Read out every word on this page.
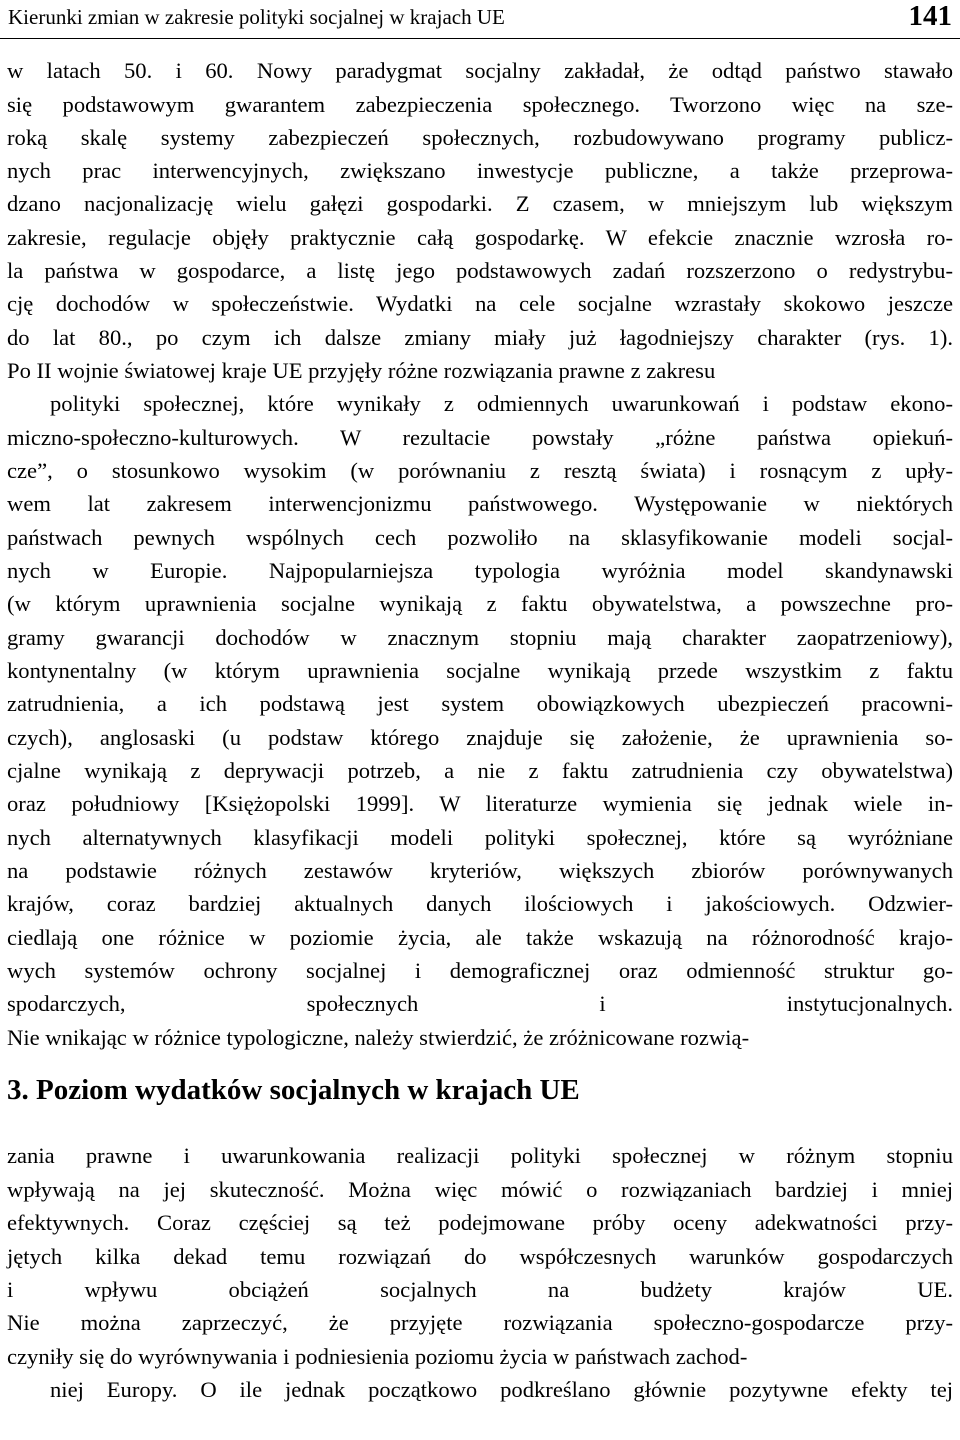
Kierunki zmian w zakresie polityki socjalnej w krajach UE	141
w latach 50. i 60. Nowy paradygmat socjalny zakładał, że odtąd państwo stawało
się podstawowym gwarantem zabezpieczenia społecznego. Tworzono więc na sze-
roką skalę systemy zabezpieczeń społecznych, rozbudowywano programy publicz-
nych prac interwencyjnych, zwiększano inwestycje publiczne, a także przeprowa-
dzano nacjonalizację wielu gałęzi gospodarki. Z czasem, w mniejszym lub większym
zakresie, regulacje objęły praktycznie całą gospodarkę. W efekcie znacznie wzrosła ro-
la państwa w gospodarce, a listę jego podstawowych zadań rozszerzono o redystrybu-
cję dochodów w społeczeństwie. Wydatki na cele socjalne wzrastały skokowo jeszcze
do lat 80., po czym ich dalsze zmiany miały już łagodniejszy charakter (rys. 1).
Po II wojnie światowej kraje UE przyjęły różne rozwiązania prawne z zakresu
polityki społecznej, które wynikały z odmiennych uwarunkowań i podstaw ekono-
miczno-społeczno-kulturowych. W rezultacie powstały „różne państwa opiekuń-
cze”, o stosunkowo wysokim (w porównaniu z resztą świata) i rosnącym z upły-
wem lat zakresem interwencjonizmu państwowego. Występowanie w niektórych
państwach pewnych wspólnych cech pozwoliło na sklasyfikowanie modeli socjal-
nych w Europie. Najpopularniejsza typologia wyróżnia model skandynawski
(w którym uprawnienia socjalne wynikają z faktu obywatelstwa, a powszechne pro-
gramy gwarancji dochodów w znacznym stopniu mają charakter zaopatrzeniowy),
kontynentalny (w którym uprawnienia socjalne wynikają przede wszystkim z faktu
zatrudnienia, a ich podstawą jest system obowiązkowych ubezpieczeń pracowni-
czych), anglosaski (u podstaw którego znajduje się założenie, że uprawnienia so-
cjalne wynikają z deprywacji potrzeb, a nie z faktu zatrudnienia czy obywatelstwa)
oraz południowy [Księżopolski 1999]. W literaturze wymienia się jednak wiele in-
nych alternatywnych klasyfikacji modeli polityki społecznej, które są wyróżniane
na podstawie różnych zestawów kryteriów, większych zbiorów porównywanych
krajów, coraz bardziej aktualnych danych ilościowych i jakościowych. Odzwier-
ciedlają one różnice w poziomie życia, ale także wskazują na różnorodność krajo-
wych systemów ochrony socjalnej i demograficznej oraz odmienność struktur go-
spodarczych, społecznych i instytucjonalnych.
Nie wnikając w różnice typologiczne, należy stwierdzić, że zróżnicowane rozwią-
3. Poziom wydatków socjalnych w krajach UE
zania prawne i uwarunkowania realizacji polityki społecznej w różnym stopniu
wpływają na jej skuteczność. Można więc mówić o rozwiązaniach bardziej i mniej
efektywnych. Coraz częściej są też podejmowane próby oceny adekwatności przy-
jętych kilka dekad temu rozwiązań do współczesnych warunków gospodarczych
i wpływu obciążeń socjalnych na budżety krajów UE.
Nie można zaprzeczyć, że przyjęte rozwiązania społeczno-gospodarcze przy-
czyniły się do wyrównywania i podniesienia poziomu życia w państwach zachod-
niej Europy. O ile jednak początkowo podkreślano głównie pozytywne efekty tej
